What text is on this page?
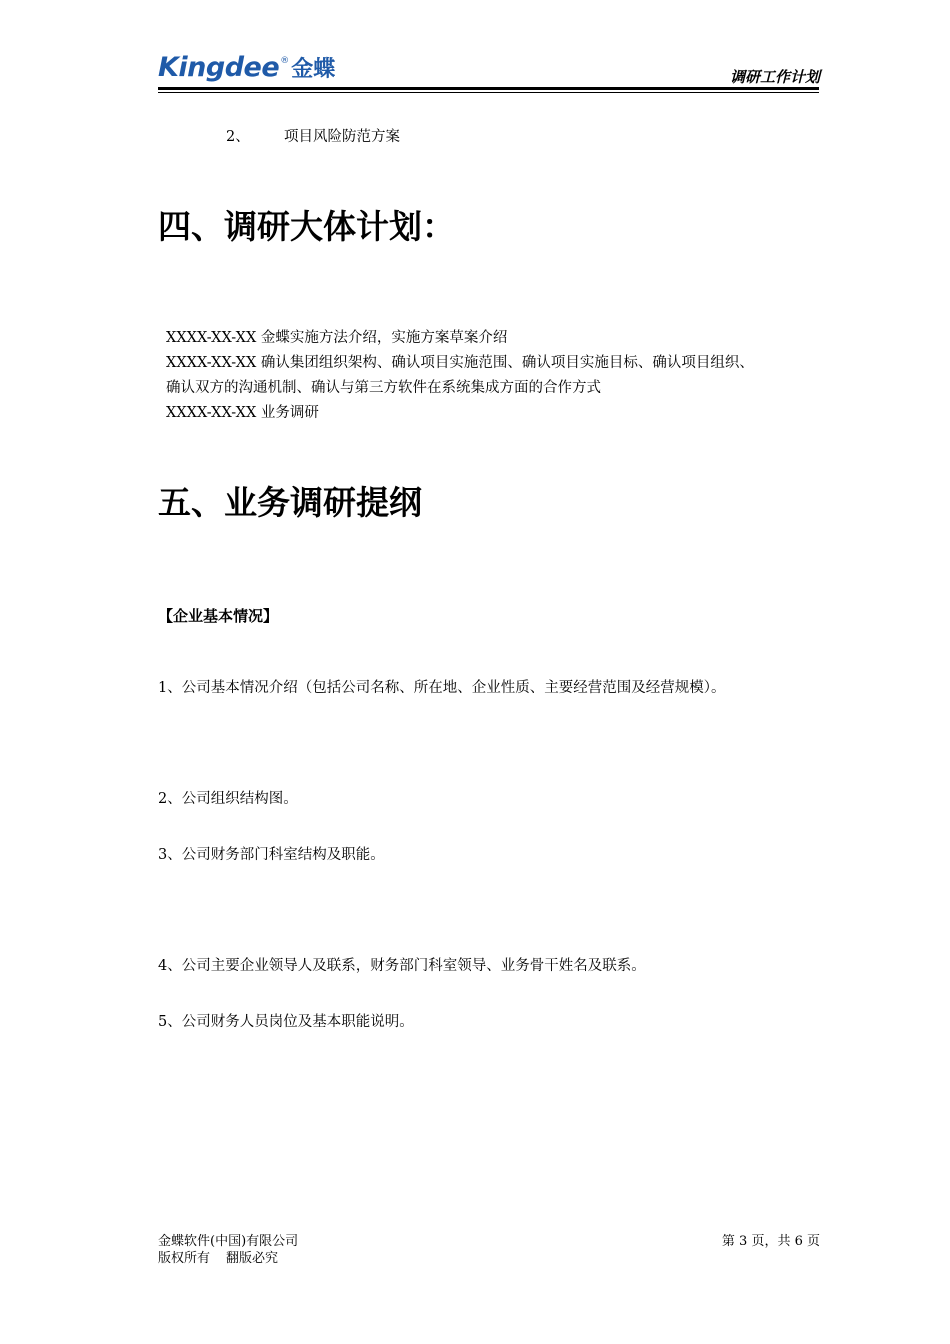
Kingdee ® 金蝶	调研工作计划
2、 项目风险防范方案
四、调研大体计划：
XXXX-XX-XX 金蝶实施方法介绍，实施方案草案介绍
XXXX-XX-XX 确认集团组织架构、确认项目实施范围、确认项目实施目标、确认项目组织、
确认双方的沟通机制、确认与第三方软件在系统集成方面的合作方式
XXXX-XX-XX 业务调研
五、业务调研提纲
【企业基本情况】
1、公司基本情况介绍（包括公司名称、所在地、企业性质、主要经营范围及经营规模）。
2、公司组织结构图。
3、公司财务部门科室结构及职能。
4、公司主要企业领导人及联系，财务部门科室领导、业务骨干姓名及联系。
5、公司财务人员岗位及基本职能说明。
金蝶软件(中国)有限公司
版权所有 翻版必究
第 3 页，共 6 页
